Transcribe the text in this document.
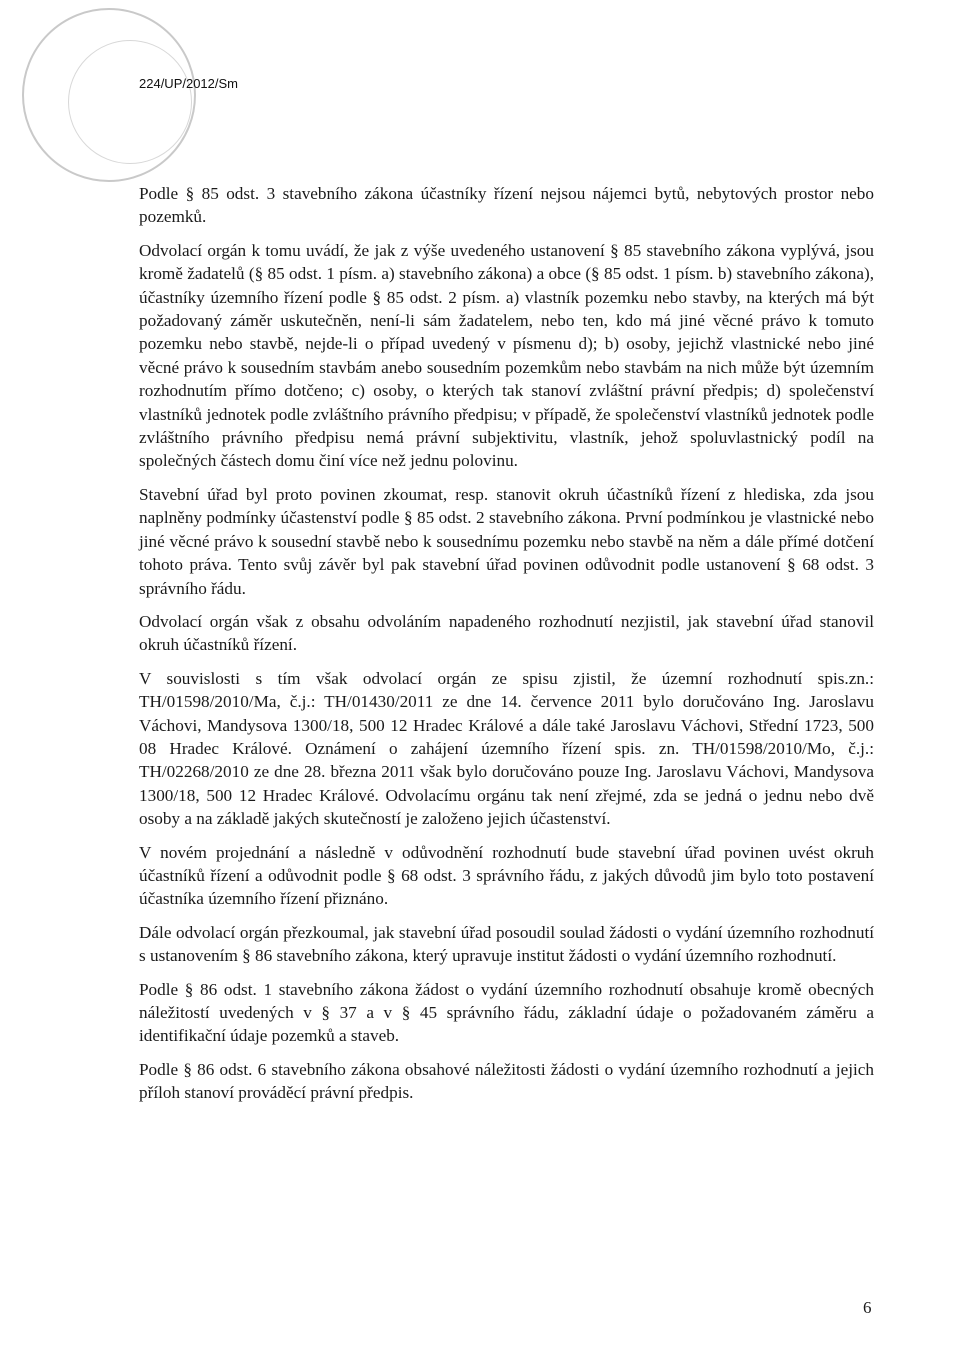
224/UP/2012/Sm

Podle § 85 odst. 3 stavebního zákona účastníky řízení nejsou nájemci bytů, nebytových prostor nebo pozemků.

Odvolací orgán k tomu uvádí, že jak z výše uvedeného ustanovení § 85 stavebního zákona vyplývá, jsou kromě žadatelů (§ 85 odst. 1 písm. a) stavebního zákona) a obce (§ 85 odst. 1 písm. b) stavebního zákona), účastníky územního řízení podle § 85 odst. 2 písm. a) vlastník pozemku nebo stavby, na kterých má být požadovaný záměr uskutečněn, není-li sám žadatelem, nebo ten, kdo má jiné věcné právo k tomuto pozemku nebo stavbě, nejde-li o případ uvedený v písmenu d); b) osoby, jejichž vlastnické nebo jiné věcné právo k sousedním stavbám anebo sousedním pozemkům nebo stavbám na nich může být územním rozhodnutím přímo dotčeno; c) osoby, o kterých tak stanoví zvláštní právní předpis; d) společenství vlastníků jednotek podle zvláštního právního předpisu; v případě, že společenství vlastníků jednotek podle zvláštního právního předpisu nemá právní subjektivitu, vlastník, jehož spoluvlastnický podíl na společných částech domu činí více než jednu polovinu.

Stavební úřad byl proto povinen zkoumat, resp. stanovit okruh účastníků řízení z hlediska, zda jsou naplněny podmínky účastenství podle § 85 odst. 2 stavebního zákona. První podmínkou je vlastnické nebo jiné věcné právo k sousední stavbě nebo k sousednímu pozemku nebo stavbě na něm a dále přímé dotčení tohoto práva. Tento svůj závěr byl pak stavební úřad povinen odůvodnit podle ustanovení § 68 odst. 3 správního řádu.

Odvolací orgán však z obsahu odvoláním napadeného rozhodnutí nezjistil, jak stavební úřad stanovil okruh účastníků řízení.

V souvislosti s tím však odvolací orgán ze spisu zjistil, že územní rozhodnutí spis.zn.: TH/01598/2010/Ma, č.j.: TH/01430/2011 ze dne 14. července 2011 bylo doručováno Ing. Jaroslavu Váchovi, Mandysova 1300/18, 500 12 Hradec Králové a dále také Jaroslavu Váchovi, Střední 1723, 500 08 Hradec Králové. Oznámení o zahájení územního řízení spis. zn. TH/01598/2010/Mo, č.j.: TH/02268/2010 ze dne 28. března 2011 však bylo doručováno pouze Ing. Jaroslavu Váchovi, Mandysova 1300/18, 500 12 Hradec Králové. Odvolacímu orgánu tak není zřejmé, zda se jedná o jednu nebo dvě osoby a na základě jakých skutečností je založeno jejich účastenství.

V novém projednání a následně v odůvodnění rozhodnutí bude stavební úřad povinen uvést okruh účastníků řízení a odůvodnit podle § 68 odst. 3 správního řádu, z jakých důvodů jim bylo toto postavení účastníka územního řízení přiznáno.

Dále odvolací orgán přezkoumal, jak stavební úřad posoudil soulad žádosti o vydání územního rozhodnutí s ustanovením § 86 stavebního zákona, který upravuje institut žádosti o vydání územního rozhodnutí.

Podle § 86 odst. 1 stavebního zákona žádost o vydání územního rozhodnutí obsahuje kromě obecných náležitostí uvedených v § 37 a v § 45 správního řádu, základní údaje o požadovaném záměru a identifikační údaje pozemků a staveb.

Podle § 86 odst. 6 stavebního zákona obsahové náležitosti žádosti o vydání územního rozhodnutí a jejich příloh stanoví prováděcí právní předpis.

6
